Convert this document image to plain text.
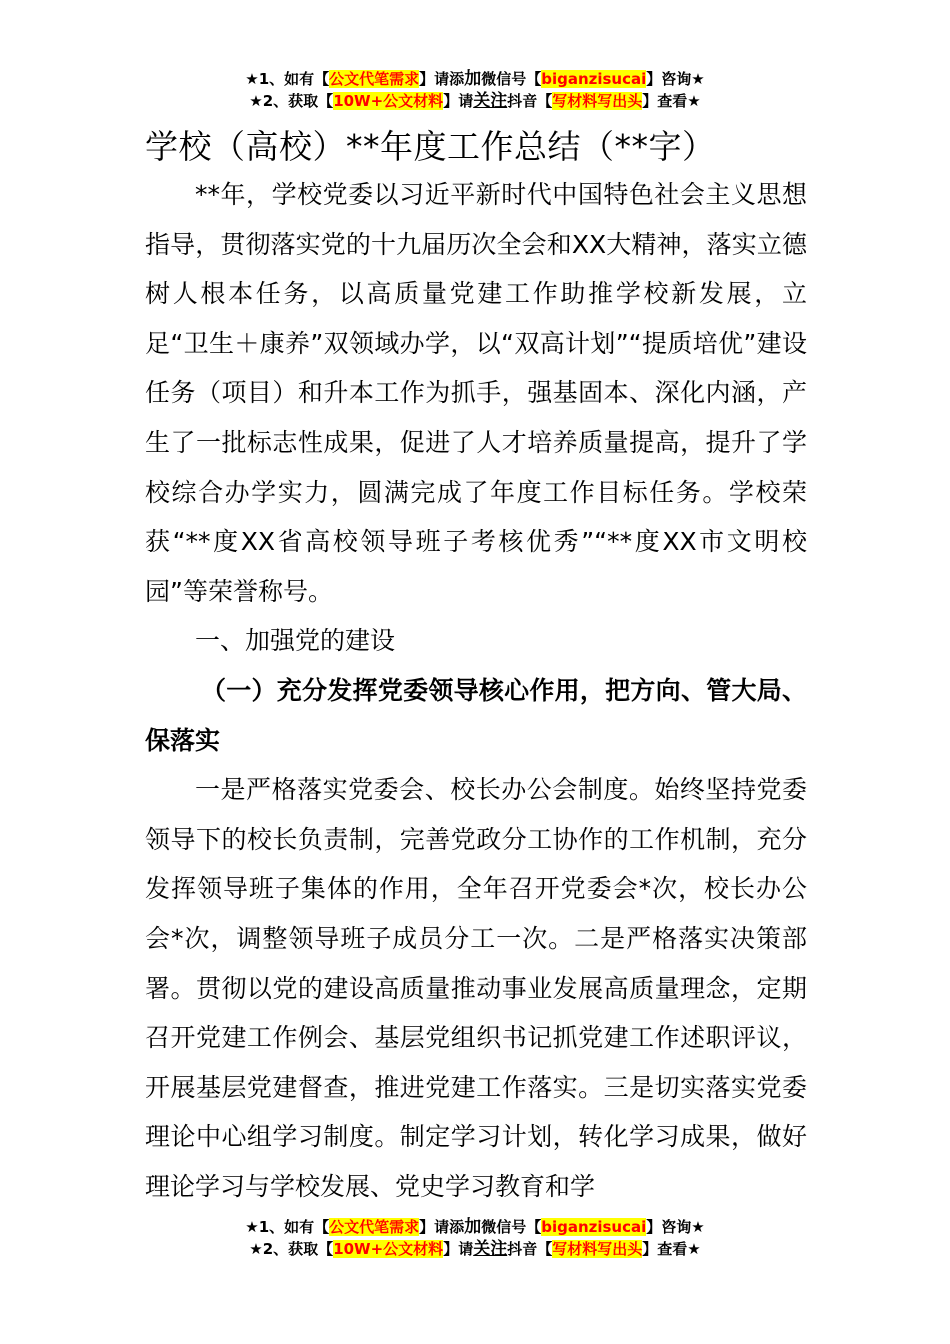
★1、如有【公文代笔需求】请添加微信号【biganzisucai】咨询★
★2、获取【10W+公文材料】请关注抖音【写材料写出头】查看★
学校（高校）**年度工作总结（**字）

**年，学校党委以习近平新时代中国特色社会主义思想指导，贯彻落实党的十九届历次全会和XX大精神，落实立德树人根本任务，以高质量党建工作助推学校新发展，立足“卫生＋康养”双领域办学，以“双高计划”“提质培优”建设任务（项目）和升本工作为抓手，强基固本、深化内涵，产生了一批标志性成果，促进了人才培养质量提高，提升了学校综合办学实力，圆满完成了年度工作目标任务。学校荣获“**度XX省高校领导班子考核优秀”“**度XX市文明校园”等荣誉称号。

一、加强党的建设

（一）充分发挥党委领导核心作用，把方向、管大局、保落实

一是严格落实党委会、校长办公会制度。始终坚持党委领导下的校长负责制，完善党政分工协作的工作机制，充分发挥领导班子集体的作用，全年召开党委会*次，校长办公会*次，调整领导班子成员分工一次。二是严格落实决策部署。贯彻以党的建设高质量推动事业发展高质量理念，定期召开党建工作例会、基层党组织书记抓党建工作述职评议，开展基层党建督查，推进党建工作落实。三是切实落实党委理论中心组学习制度。制定学习计划，转化学习成果，做好理论学习与学校发展、党史学习教育和学

★1、如有【公文代笔需求】请添加微信号【biganzisucai】咨询★
★2、获取【10W+公文材料】请关注抖音【写材料写出头】查看★
